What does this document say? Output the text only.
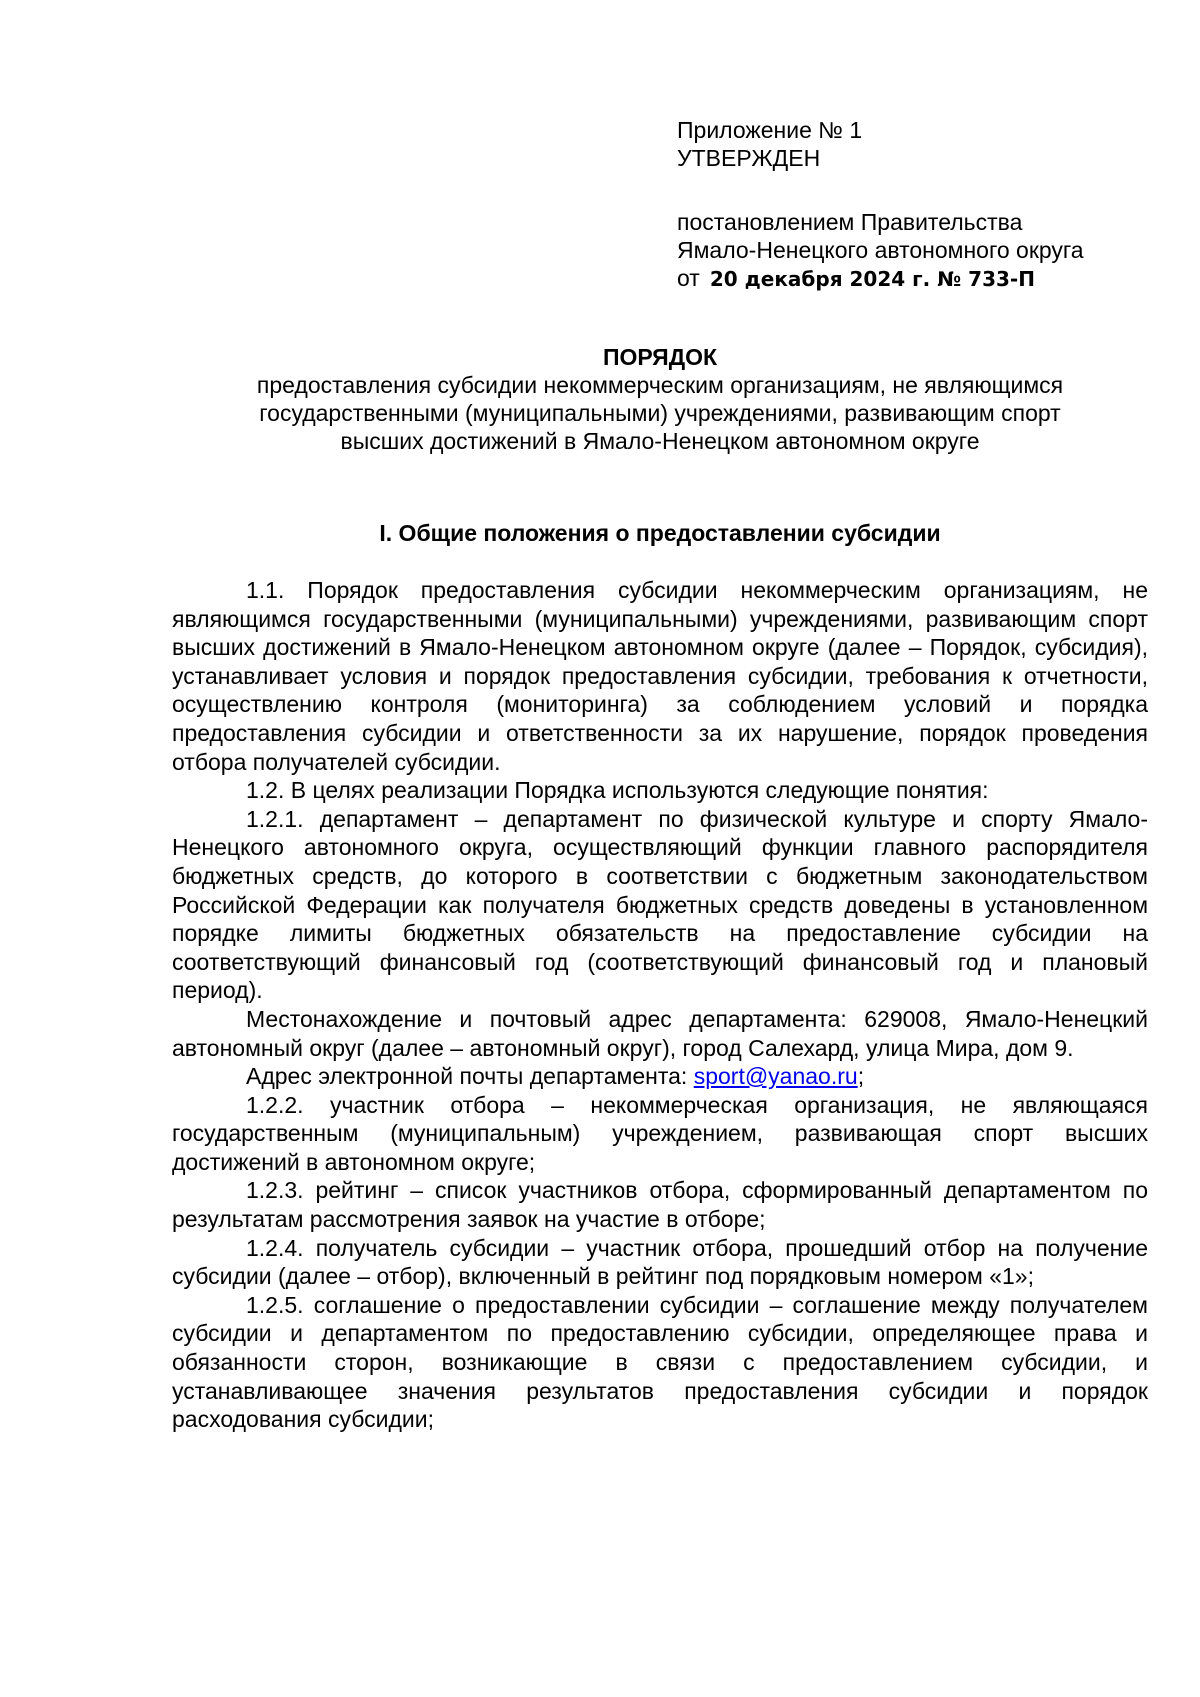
Приложение № 1
УТВЕРЖДЕН
постановлением Правительства
Ямало-Ненецкого автономного округа
от 20 декабря 2024 г. № 733-П
ПОРЯДОК
предоставления субсидии некоммерческим организациям, не являющимся
государственными (муниципальными) учреждениями, развивающим спорт
высших достижений в Ямало-Ненецком автономном округе
I. Общие положения о предоставлении субсидии

1.1. Порядок предоставления субсидии некоммерческим организациям, не являющимся государственными (муниципальными) учреждениями, развивающим спорт высших достижений в Ямало-Ненецком автономном округе (далее – Порядок, субсидия), устанавливает условия и порядок предоставления субсидии, требования к отчетности, осуществлению контроля (мониторинга) за соблюдением условий и порядка предоставления субсидии и ответственности за их нарушение, порядок проведения отбора получателей субсидии.

1.2. В целях реализации Порядка используются следующие понятия:

1.2.1. департамент – департамент по физической культуре и спорту Ямало-Ненецкого автономного округа, осуществляющий функции главного распорядителя бюджетных средств, до которого в соответствии с бюджетным законодательством Российской Федерации как получателя бюджетных средств доведены в установленном порядке лимиты бюджетных обязательств на предоставление субсидии на соответствующий финансовый год (соответствующий финансовый год и плановый период).

Местонахождение и почтовый адрес департамента: 629008, Ямало-Ненецкий автономный округ (далее – автономный округ), город Салехард, улица Мира, дом 9.

Адрес электронной почты департамента: sport@yanao.ru;

1.2.2. участник отбора – некоммерческая организация, не являющаяся государственным (муниципальным) учреждением, развивающая спорт высших достижений в автономном округе;

1.2.3. рейтинг – список участников отбора, сформированный департаментом по результатам рассмотрения заявок на участие в отборе;

1.2.4. получатель субсидии – участник отбора, прошедший отбор на получение субсидии (далее – отбор), включенный в рейтинг под порядковым номером «1»;

1.2.5. соглашение о предоставлении субсидии – соглашение между получателем субсидии и департаментом по предоставлению субсидии, определяющее права и обязанности сторон, возникающие в связи с предоставлением субсидии, и устанавливающее значения результатов предоставления субсидии и порядок расходования субсидии;
